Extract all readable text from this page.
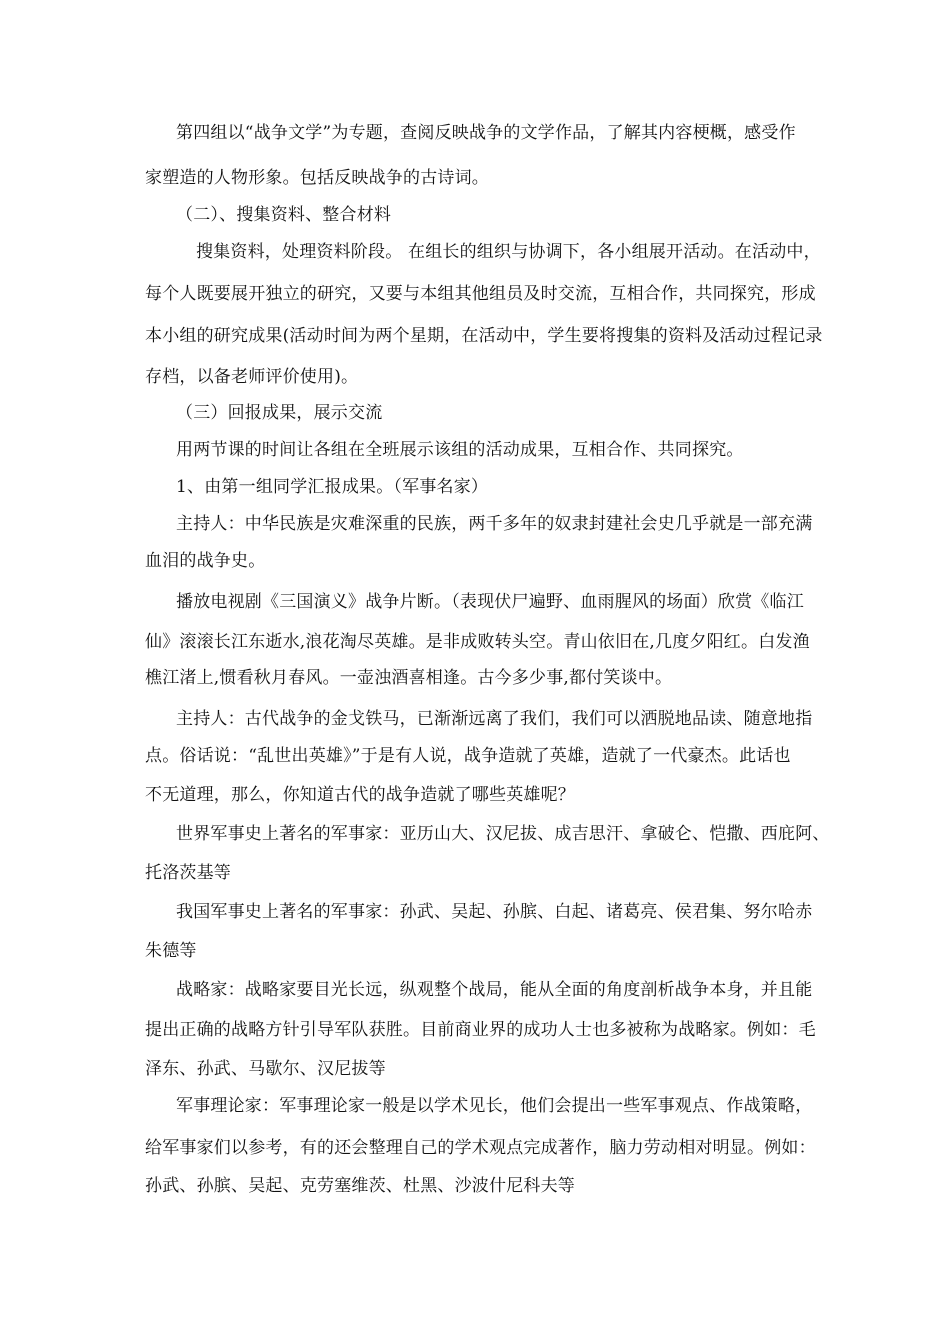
第四组以“战争文学”为专题，查阅反映战争的文学作品，了解其内容梗概，感受作
家塑造的人物形象。包括反映战争的古诗词。
（二）、搜集资料、整合材料
搜集资料，处理资料阶段。 在组长的组织与协调下，各小组展开活动。在活动中，
每个人既要展开独立的研究，又要与本组其他组员及时交流，互相合作，共同探究，形成
本小组的研究成果(活动时间为两个星期，在活动中，学生要将搜集的资料及活动过程记录
存档，以备老师评价使用)。
（三）回报成果，展示交流
用两节课的时间让各组在全班展示该组的活动成果，互相合作、共同探究。
1、由第一组同学汇报成果。（军事名家）
主持人：中华民族是灾难深重的民族，两千多年的奴隶封建社会史几乎就是一部充满
血泪的战争史。
播放电视剧《三国演义》战争片断。（表现伏尸遍野、血雨腥风的场面）欣赏《临江
仙》滚滚长江东逝水,浪花淘尽英雄。是非成败转头空。青山依旧在,几度夕阳红。白发渔
樵江渚上,惯看秋月春风。一壶浊酒喜相逢。古今多少事,都付笑谈中。
主持人：古代战争的金戈铁马，已渐渐远离了我们，我们可以洒脱地品读、随意地指
点。俗话说：“乱世出英雄》”于是有人说，战争造就了英雄，造就了一代豪杰。此话也
不无道理，那么，你知道古代的战争造就了哪些英雄呢？
世界军事史上著名的军事家：亚历山大、汉尼拔、成吉思汗、拿破仑、恺撒、西庇阿、
托洛茨基等
我国军事史上著名的军事家：孙武、吴起、孙膑、白起、诸葛亮、侯君集、努尔哈赤
朱德等
战略家：战略家要目光长远，纵观整个战局，能从全面的角度剖析战争本身，并且能
提出正确的战略方针引导军队获胜。目前商业界的成功人士也多被称为战略家。例如：毛
泽东、孙武、马歇尔、汉尼拔等
军事理论家：军事理论家一般是以学术见长，他们会提出一些军事观点、作战策略，
给军事家们以参考，有的还会整理自己的学术观点完成著作，脑力劳动相对明显。例如：
孙武、孙膑、吴起、克劳塞维茨、杜黑、沙波什尼科夫等
